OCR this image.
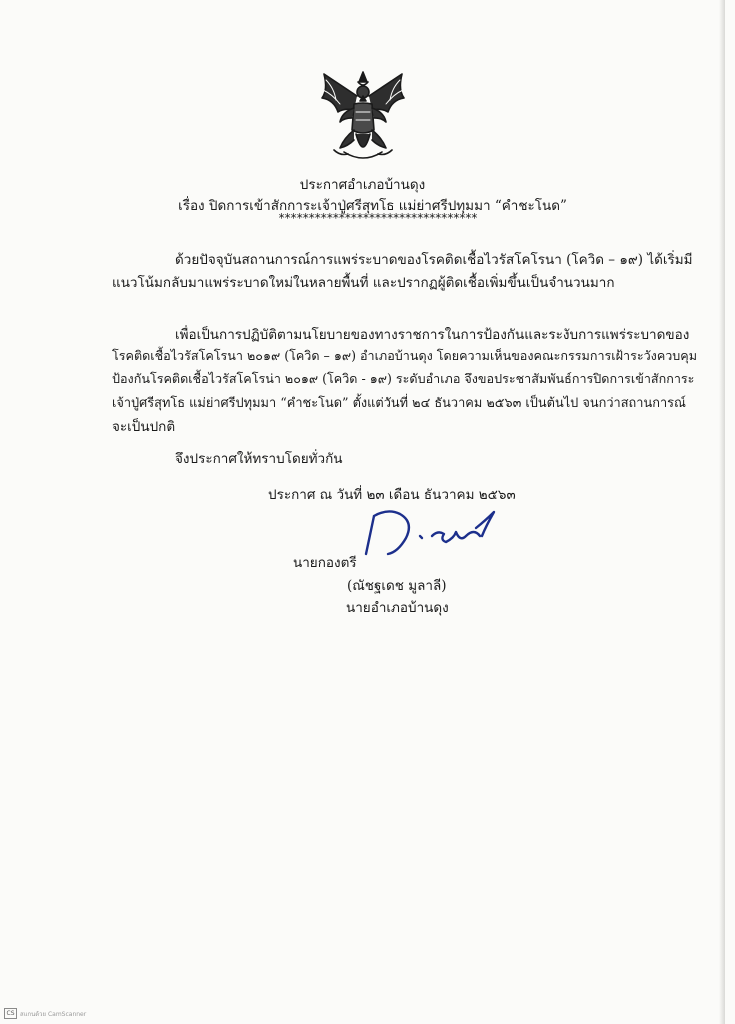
ประกาศอำเภอบ้านดุง
เรื่อง ปิดการเข้าสักการะเจ้าปู่ศรีสุทโธ แม่ย่าศรีปทุมมา “คำชะโนด”
*********************************
ด้วยปัจจุบันสถานการณ์การแพร่ระบาดของโรคติดเชื้อไวรัสโคโรนา (โควิด – ๑๙) ได้เริ่มมี
แนวโน้มกลับมาแพร่ระบาดใหม่ในหลายพื้นที่ และปรากฏผู้ติดเชื้อเพิ่มขึ้นเป็นจำนวนมาก
เพื่อเป็นการปฏิบัติตามนโยบายของทางราชการในการป้องกันและระงับการแพร่ระบาดของ
โรคติดเชื้อไวรัสโคโรนา ๒๐๑๙ (โควิด – ๑๙) อำเภอบ้านดุง โดยความเห็นของคณะกรรมการเฝ้าระวังควบคุม
ป้องกันโรคติดเชื้อไวรัสโคโรน่า ๒๐๑๙ (โควิด - ๑๙) ระดับอำเภอ จึงขอประชาสัมพันธ์การปิดการเข้าสักการะ
เจ้าปู่ศรีสุทโธ แม่ย่าศรีปทุมมา “คำชะโนด” ตั้งแต่วันที่ ๒๔ ธันวาคม ๒๕๖๓ เป็นต้นไป จนกว่าสถานการณ์
จะเป็นปกติ
จึงประกาศให้ทราบโดยทั่วกัน
ประกาศ ณ วันที่ ๒๓ เดือน ธันวาคม ๒๕๖๓
นายกองตรี
(ณัชฐเดช มูลาลี)
นายอำเภอบ้านดุง
CS สแกนด้วย CamScanner
